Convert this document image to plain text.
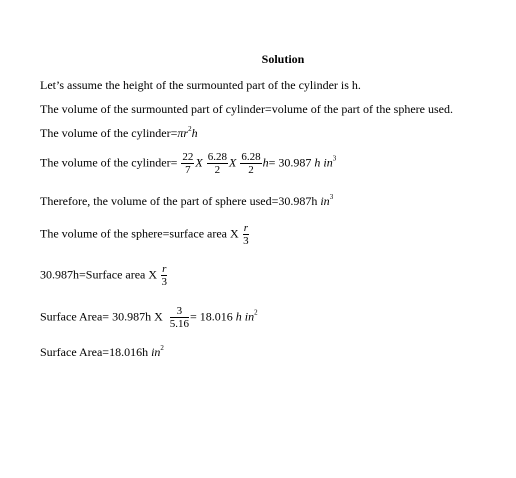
Solution
Let’s assume the height of the surmounted part of the cylinder is h.
The volume of the surmounted part of cylinder=volume of the part of the sphere used.
The volume of the $cylinder=\pi r^2h$
The volume of the cylinder= $\frac{22}{7}$ X $\frac{6.28}{2}$ X $\frac{6.28}{2} h= 30.987$ h $in^3$
Therefore, the volume of the part of sphere used=30.987h $in^3$
The volume of the sphere=surface area X $\frac{r}{3}$
30.987h=Surface area X $\frac{r}{3}$
Surface Area= 30.987h X $\frac{3}{5.16} = 18.016$ h $in^2$
Surface Area=18.016h $in^2$
